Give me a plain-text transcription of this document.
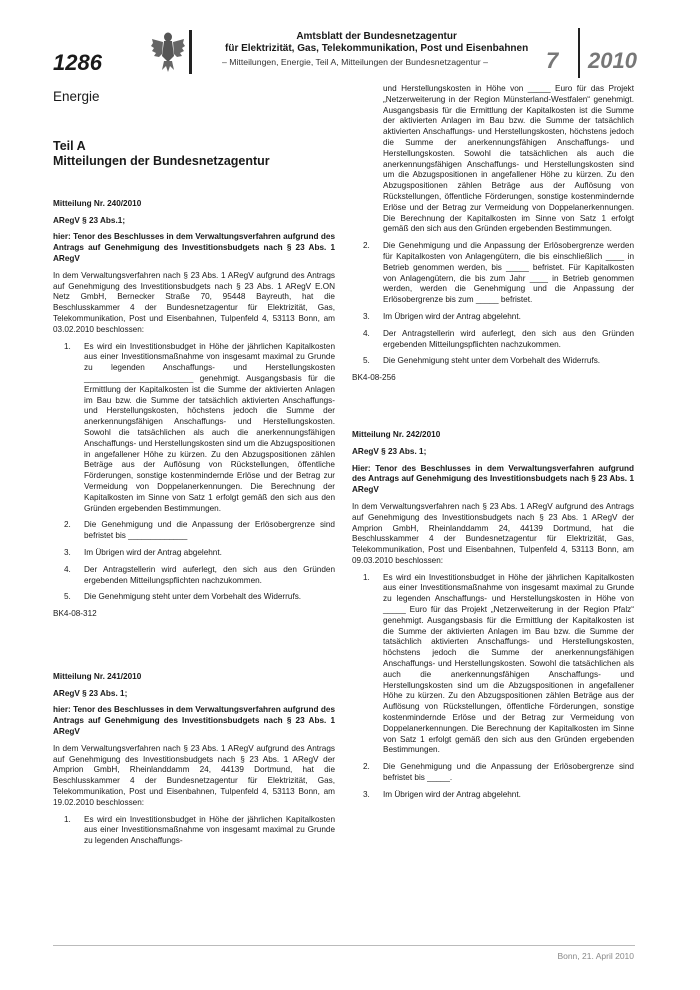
1286
Amtsblatt der Bundesnetzagentur
für Elektrizität, Gas, Telekommunikation, Post und Eisenbahnen
– Mitteilungen, Energie, Teil A, Mitteilungen der Bundesnetzagentur –	7 2010
Energie
Teil A
Mitteilungen der Bundesnetzagentur

Mitteilung Nr. 240/2010

ARegV § 23 Abs.1;

hier: Tenor des Beschlusses in dem Verwaltungsverfahren aufgrund des Antrags auf Genehmigung des Investitionsbudgets nach § 23 Abs. 1 ARegV

In dem Verwaltungsverfahren nach § 23 Abs. 1 ARegV aufgrund des Antrags auf Genehmigung des Investitionsbudgets nach § 23 Abs. 1 ARegV E.ON Netz GmbH, Bernecker Straße 70, 95448 Bayreuth, hat die Beschlusskammer 4 der Bundesnetzagentur für Elektrizität, Gas, Telekommunikation, Post und Eisenbahnen, Tulpenfeld 4, 53113 Bonn, am 03.02.2010 beschlossen:

1. Es wird ein Investitionsbudget in Höhe der jährlichen Kapitalkosten aus einer Investitionsmaßnahme von insgesamt maximal zu Grunde zu legenden Anschaffungs- und Herstellungskosten ________________________ genehmigt. Ausgangsbasis für die Ermittlung der Kapitalkosten ist die Summe der aktivierten Anlagen im Bau bzw. die Summe der tatsächlich aktivierten Anschaffungs- und Herstellungskosten, höchstens jedoch die Summe der anerkennungsfähigen Anschaffungs- und Herstellungskosten. Sowohl die tatsächlichen als auch die anerkennungsfähigen Anschaffungs- und Herstellungskosten sind um die Abzugspositionen in angefallener Höhe zu kürzen. Zu den Abzugspositionen zählen Beträge aus der Auflösung von Rückstellungen, öffentliche Förderungen, sonstige kostenmindernde Erlöse und der Betrag zur Vermeidung von Doppelanerkennungen. Die Berechnung der Kapitalkosten im Sinne von Satz 1 erfolgt gemäß den sich aus den Gründen ergebenden Bestimmungen.
2. Die Genehmigung und die Anpassung der Erlösobergrenze sind befristet bis _____________
3. Im Übrigen wird der Antrag abgelehnt.
4. Der Antragstellerin wird auferlegt, den sich aus den Gründen ergebenden Mitteilungspflichten nachzukommen.
5. Die Genehmigung steht unter dem Vorbehalt des Widerrufs.

BK4-08-312

Mitteilung Nr. 241/2010

ARegV § 23 Abs. 1;

hier: Tenor des Beschlusses in dem Verwaltungsverfahren aufgrund des Antrags auf Genehmigung des Investitionsbudgets nach § 23 Abs. 1 ARegV

In dem Verwaltungsverfahren nach § 23 Abs. 1 ARegV aufgrund des Antrags auf Genehmigung des Investitionsbudgets nach § 23 Abs. 1 ARegV der Amprion GmbH, Rheinlanddamm 24, 44139 Dortmund, hat die Beschlusskammer 4 der Bundesnetzagentur für Elektrizität, Gas, Telekommunikation, Post und Eisenbahnen, Tulpenfeld 4, 53113 Bonn, am 19.02.2010 beschlossen:

1. Es wird ein Investitionsbudget in Höhe der jährlichen Kapitalkosten aus einer Investitionsmaßnahme von insgesamt maximal zu Grunde zu legenden Anschaffungs-
und Herstellungskosten in Höhe von _____ Euro für das Projekt „Netzerweiterung in der Region Münsterland-Westfalen“ genehmigt. Ausgangsbasis für die Ermittlung der Kapitalkosten ist die Summe der aktivierten Anlagen im Bau bzw. die Summe der tatsächlich aktivierten Anschaffungs- und Herstellungskosten, höchstens jedoch die Summe der anerkennungsfähigen Anschaffungs- und Herstellungskosten. Sowohl die tatsächlichen als auch die anerkennungsfähigen Anschaffungs- und Herstellungskosten sind um die Abzugspositionen in angefallener Höhe zu kürzen. Zu den Abzugspositionen zählen Beträge aus der Auflösung von Rückstellungen, öffentliche Förderungen, sonstige kostenmindernde Erlöse und der Betrag zur Vermeidung von Doppelanerkennungen. Die Berechnung der Kapitalkosten im Sinne von Satz 1 erfolgt gemäß den sich aus den Gründen ergebenden Bestimmungen.
2. Die Genehmigung und die Anpassung der Erlösobergrenze werden für Kapitalkosten von Anlagengütern, die bis einschließlich ____ in Betrieb genommen werden, bis _____ befristet. Für Kapitalkosten von Anlagengütern, die bis zum Jahr ____ in Betrieb genommen werden, werden die Genehmigung und die Anpassung der Erlösobergrenze bis zum _____ befristet.
3. Im Übrigen wird der Antrag abgelehnt.
4. Der Antragstellerin wird auferlegt, den sich aus den Gründen ergebenden Mitteilungspflichten nachzukommen.
5. Die Genehmigung steht unter dem Vorbehalt des Widerrufs.

BK4-08-256

Mitteilung Nr. 242/2010

ARegV § 23 Abs. 1;

Hier: Tenor des Beschlusses in dem Verwaltungsverfahren aufgrund des Antrags auf Genehmigung des Investitionsbudgets nach § 23 Abs. 1 ARegV

In dem Verwaltungsverfahren nach § 23 Abs. 1 ARegV aufgrund des Antrags auf Genehmigung des Investitionsbudgets nach § 23 Abs. 1 ARegV der Amprion GmbH, Rheinlanddamm 24, 44139 Dortmund, hat die Beschlusskammer 4 der Bundesnetzagentur für Elektrizität, Gas, Telekommunikation, Post und Eisenbahnen, Tulpenfeld 4, 53113 Bonn, am 09.03.2010 beschlossen:

1. Es wird ein Investitionsbudget in Höhe der jährlichen Kapitalkosten aus einer Investitionsmaßnahme von insgesamt maximal zu Grunde zu legenden Anschaffungs- und Herstellungskosten in Höhe von _____ Euro für das Projekt „Netzerweiterung in der Region Pfalz“ genehmigt. Ausgangsbasis für die Ermittlung der Kapitalkosten ist die Summe der aktivierten Anlagen im Bau bzw. die Summe der tatsächlich aktivierten Anschaffungs- und Herstellungskosten, höchstens jedoch die Summe der anerkennungsfähigen Anschaffungs- und Herstellungskosten. Sowohl die tatsächlichen als auch die anerkennungsfähigen Anschaffungs- und Herstellungskosten sind um die Abzugspositionen in angefallener Höhe zu kürzen. Zu den Abzugspositionen zählen Beträge aus der Auflösung von Rückstellungen, öffentliche Förderungen, sonstige kostenmindernde Erlöse und der Betrag zur Vermeidung von Doppelanerkennungen. Die Berechnung der Kapitalkosten im Sinne von Satz 1 erfolgt gemäß den sich aus den Gründen ergebenden Bestimmungen.
2. Die Genehmigung und die Anpassung der Erlösobergrenze sind befristet bis _____.
3. Im Übrigen wird der Antrag abgelehnt.
Bonn, 21. April 2010
